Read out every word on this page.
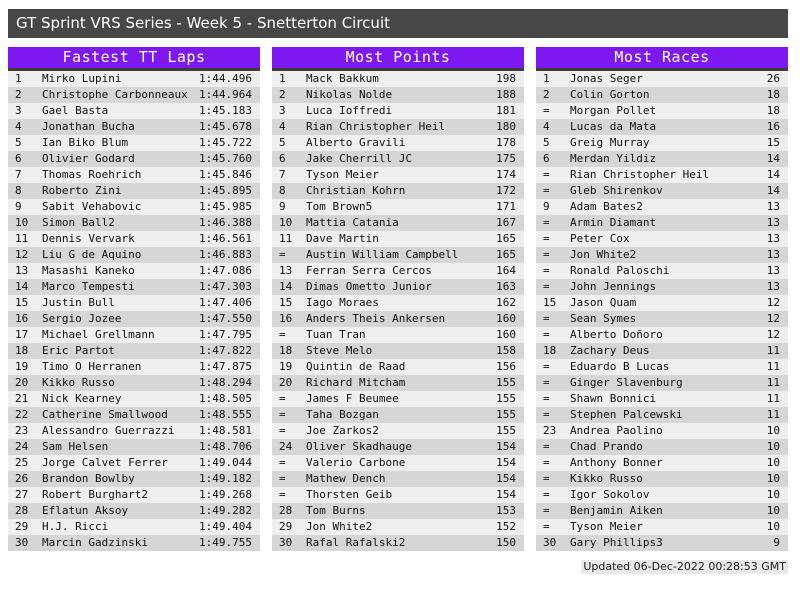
GT Sprint VRS Series - Week 5 - Snetterton Circuit
Fastest TT Laps
1	Mirko Lupini	1:44.496
2	Christophe Carbonneaux	1:44.964
3	Gael Basta	1:45.183
4	Jonathan Bucha	1:45.678
5	Ian Biko Blum	1:45.722
6	Olivier Godard	1:45.760
7	Thomas Roehrich	1:45.846
8	Roberto Zini	1:45.895
9	Sabit Vehabovic	1:45.985
10	Simon Ball2	1:46.388
11	Dennis Vervark	1:46.561
12	Liu G de Aquino	1:46.883
13	Masashi Kaneko	1:47.086
14	Marco Tempesti	1:47.303
15	Justin Bull	1:47.406
16	Sergio Jozee	1:47.550
17	Michael Grellmann	1:47.795
18	Eric Partot	1:47.822
19	Timo O Herranen	1:47.875
20	Kikko Russo	1:48.294
21	Nick Kearney	1:48.505
22	Catherine Smallwood	1:48.555
23	Alessandro Guerrazzi	1:48.581
24	Sam Helsen	1:48.706
25	Jorge Calvet Ferrer	1:49.044
26	Brandon Bowlby	1:49.182
27	Robert Burghart2	1:49.268
28	Eflatun Aksoy	1:49.282
29	H.J. Ricci	1:49.404
30	Marcin Gadzinski	1:49.755
Most Points
1	Mack Bakkum	198
2	Nikolas Nolde	188
3	Luca Ioffredi	181
4	Rian Christopher Heil	180
5	Alberto Gravili	178
6	Jake Cherrill JC	175
7	Tyson Meier	174
8	Christian Kohrn	172
9	Tom Brown5	171
10	Mattia Catania	167
11	Dave Martin	165
=	Austin William Campbell	165
13	Ferran Serra Cercos	164
14	Dimas Ometto Junior	163
15	Iago Moraes	162
16	Anders Theis Ankersen	160
=	Tuan Tran	160
18	Steve Melo	158
19	Quintin de Raad	156
20	Richard Mitcham	155
=	James F Beumee	155
=	Taha Bozgan	155
=	Joe Zarkos2	155
24	Oliver Skadhauge	154
=	Valerio Carbone	154
=	Mathew Dench	154
=	Thorsten Geib	154
28	Tom Burns	153
29	Jon White2	152
30	Rafal Rafalski2	150
Most Races
1	Jonas Seger	26
2	Colin Gorton	18
=	Morgan Pollet	18
4	Lucas da Mata	16
5	Greig Murray	15
6	Merdan Yildiz	14
=	Rian Christopher Heil	14
=	Gleb Shirenkov	14
9	Adam Bates2	13
=	Armin Diamant	13
=	Peter Cox	13
=	Jon White2	13
=	Ronald Paloschi	13
=	John Jennings	13
15	Jason Quam	12
=	Sean Symes	12
=	Alberto Doñoro	12
18	Zachary Deus	11
=	Eduardo B Lucas	11
=	Ginger Slavenburg	11
=	Shawn Bonnici	11
=	Stephen Palcewski	11
23	Andrea Paolino	10
=	Chad Prando	10
=	Anthony Bonner	10
=	Kikko Russo	10
=	Igor Sokolov	10
=	Benjamin Aiken	10
=	Tyson Meier	10
30	Gary Phillips3	9
Updated 06-Dec-2022 00:28:53 GMT
